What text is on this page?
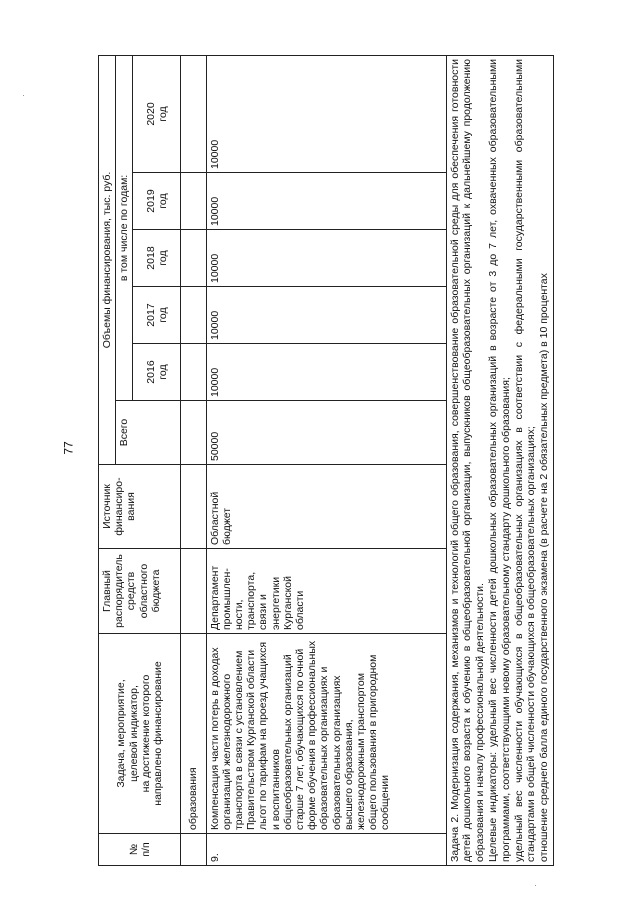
77
№
п/п	Задача, мероприятие,
целевой индикатор,
на достижение которого
направлено финансирование	Главный
распорядитель
средств
областного
бюджета	Источник
финансиро-
вания	Объемы финансирования, тыс. руб.					
				Всего	в том числе по годам:				
					2016
год	2017
год	2018
год	2019
год	2020
год
	образования								
9.	Компенсация части потерь в доходах организаций железнодорожного транспорта в связи с установлением Правительством Курганской области льгот по тарифам на проезд учащихся и воспитанников общеобразовательных организаций старше 7 лет, обучающихся по очной форме обучения в профессиональных образовательных организациях и образовательных организациях высшего образования, железнодорожным транспортом общего пользования в пригородном сообщении	Департамент промышлен-ности, транспорта, связи и энергетики Курганской области	Областной бюджет	50000	10000	10000	10000	10000	10000
Задача 2. Модернизация содержания, механизмов и технологий общего образования, совершенствование образовательной среды для обеспечения готовности детей дошкольного возраста к обучению в общеобразовательной организации, выпускников общеобразовательных организаций к дальнейшему продолжению образования и началу профессиональной деятельности.
Целевые индикаторы: удельный вес численности детей дошкольных образовательных организаций в возрасте от 3 до 7 лет, охваченных образовательными программами, соответствующими новому образовательному стандарту дошкольного образования;
удельный вес численности обучающихся в общеобразовательных организациях в соответствии с федеральными государственными образовательными стандартами в общей численности обучающихся в общеобразовательных организациях;
отношение среднего балла единого государственного экзамена (в расчете на 2 обязательных предмета) в 10 процентах									
·
·
